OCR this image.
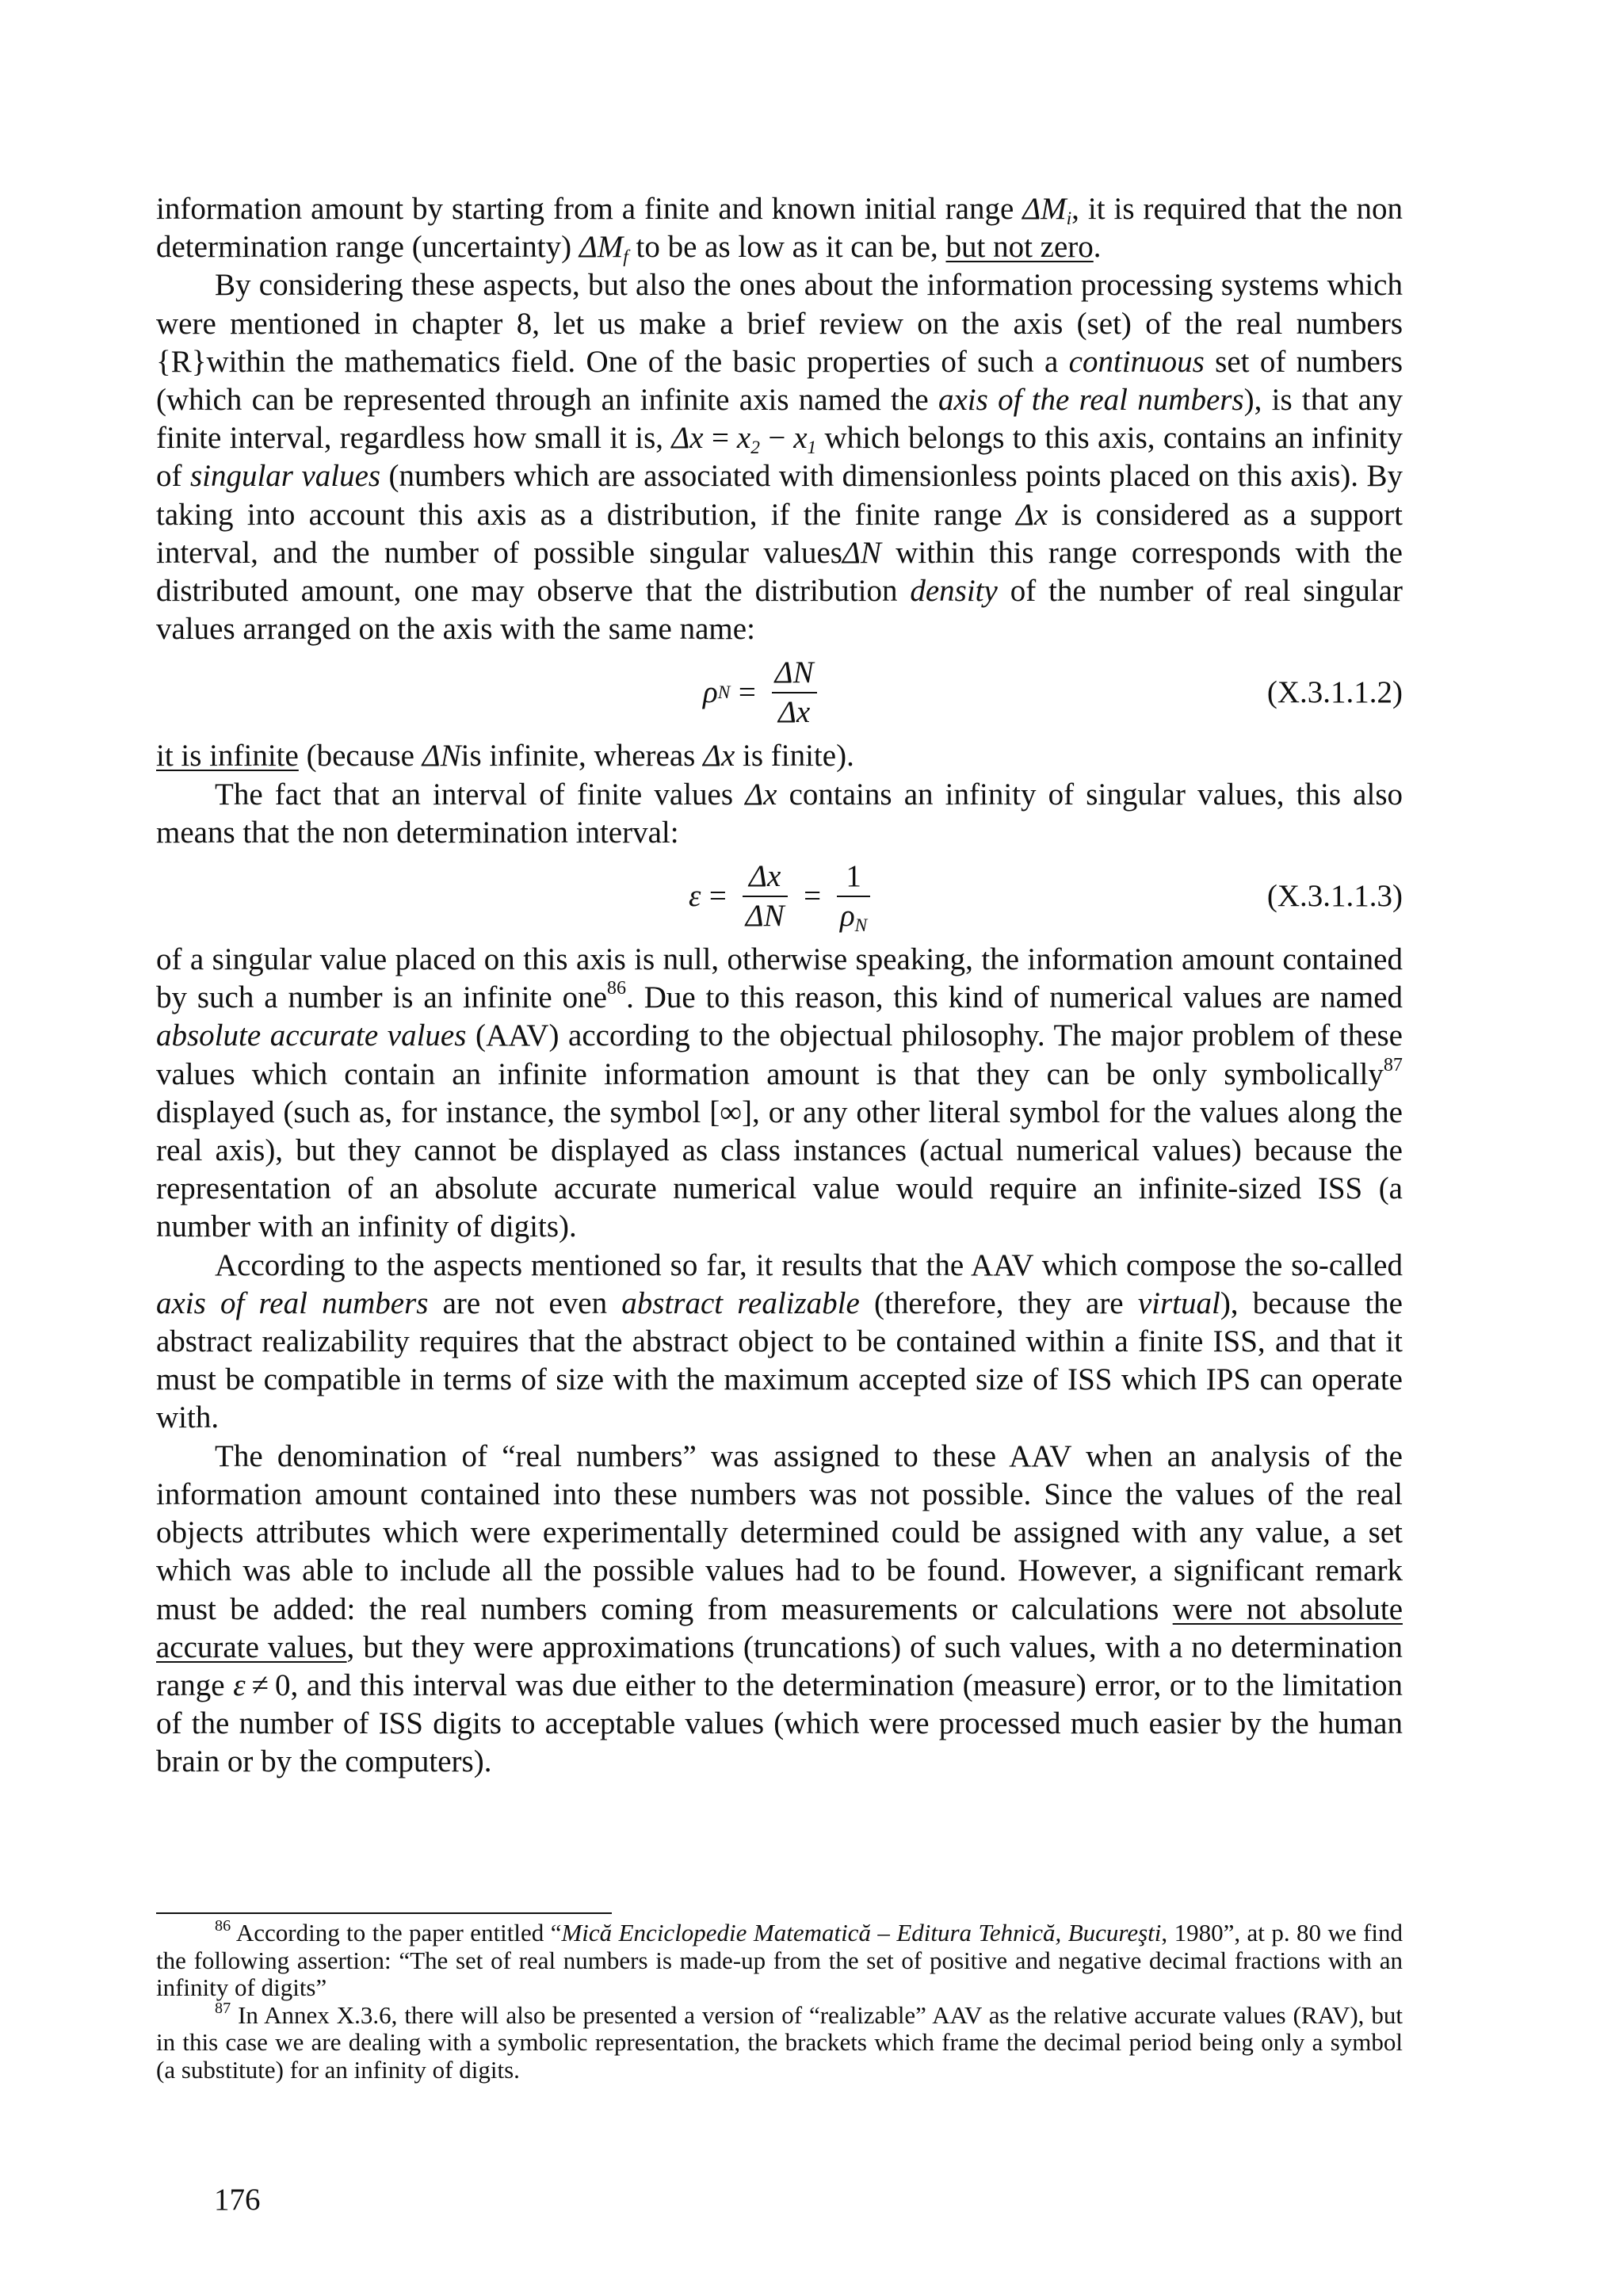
information amount by starting from a finite and known initial range ΔMi, it is required that the non determination range (uncertainty) ΔMf to be as low as it can be, but not zero.

By considering these aspects, but also the ones about the information processing systems which were mentioned in chapter 8, let us make a brief review on the axis (set) of the real numbers {R}within the mathematics field. One of the basic properties of such a continuous set of numbers (which can be represented through an infinite axis named the axis of the real numbers), is that any finite interval, regardless how small it is, $\Delta x = x_2 - x_1$ which belongs to this axis, contains an infinity of singular values (numbers which are associated with dimensionless points placed on this axis). By taking into account this axis as a distribution, if the finite range Δx is considered as a support interval, and the number of possible singular valuesΔN within this range corresponds with the distributed amount, one may observe that the distribution density of the number of real singular values arranged on the axis with the same name:

ρ $N = \frac{\Delta N}{\Delta x}$	(X.3.1.1.2)

it is infinite (because ΔNis infinite, whereas Δx is finite).

The fact that an interval of finite values Δx contains an infinity of singular values, this also means that the non determination interval:

$\varepsilon = \frac{\Delta x}{\Delta N} = \frac{1}{\rho N}$	(X.3.1.1.3)

of a singular value placed on this axis is null, otherwise speaking, the information amount contained by such a number is an infinite one$^{86}$. Due to this reason, this kind of numerical values are named absolute accurate values (AAV) according to the objectual philosophy. The major problem of these values which contain an infinite information amount is that they can be only symbolically$^{87}$ displayed (such as, for instance, the symbol [∞], or any other literal symbol for the values along the real axis), but they cannot be displayed as class instances (actual numerical values) because the representation of an absolute accurate numerical value would require an infinite-sized ISS (a number with an infinity of digits).

According to the aspects mentioned so far, it results that the AAV which compose the so-called axis of real numbers are not even abstract realizable (therefore, they are virtual), because the abstract realizability requires that the abstract object to be contained within a finite ISS, and that it must be compatible in terms of size with the maximum accepted size of ISS which IPS can operate with.

The denomination of “real numbers” was assigned to these AAV when an analysis of the information amount contained into these numbers was not possible. Since the values of the real objects attributes which were experimentally determined could be assigned with any value, a set which was able to include all the possible values had to be found. However, a significant remark must be added: the real numbers coming from measurements or calculations were not absolute accurate values, but they were approximations (truncations) of such values, with a no determination range ε ≠ 0, and this interval was due either to the determination (measure) error, or to the limitation of the number of ISS digits to acceptable values (which were processed much easier by the human brain or by the computers).

$^{86}$ According to the paper entitled “Mică Enciclopedie Matematică – Editura Tehnică, Bucureşti, 1980”, at p. 80 we find the following assertion: “The set of real numbers is made-up from the set of positive and negative decimal fractions with an infinity of digits”

$^{87}$ In Annex X.3.6, there will also be presented a version of “realizable” AAV as the relative accurate values (RAV), but in this case we are dealing with a symbolic representation, the brackets which frame the decimal period being only a symbol (a substitute) for an infinity of digits.

176
